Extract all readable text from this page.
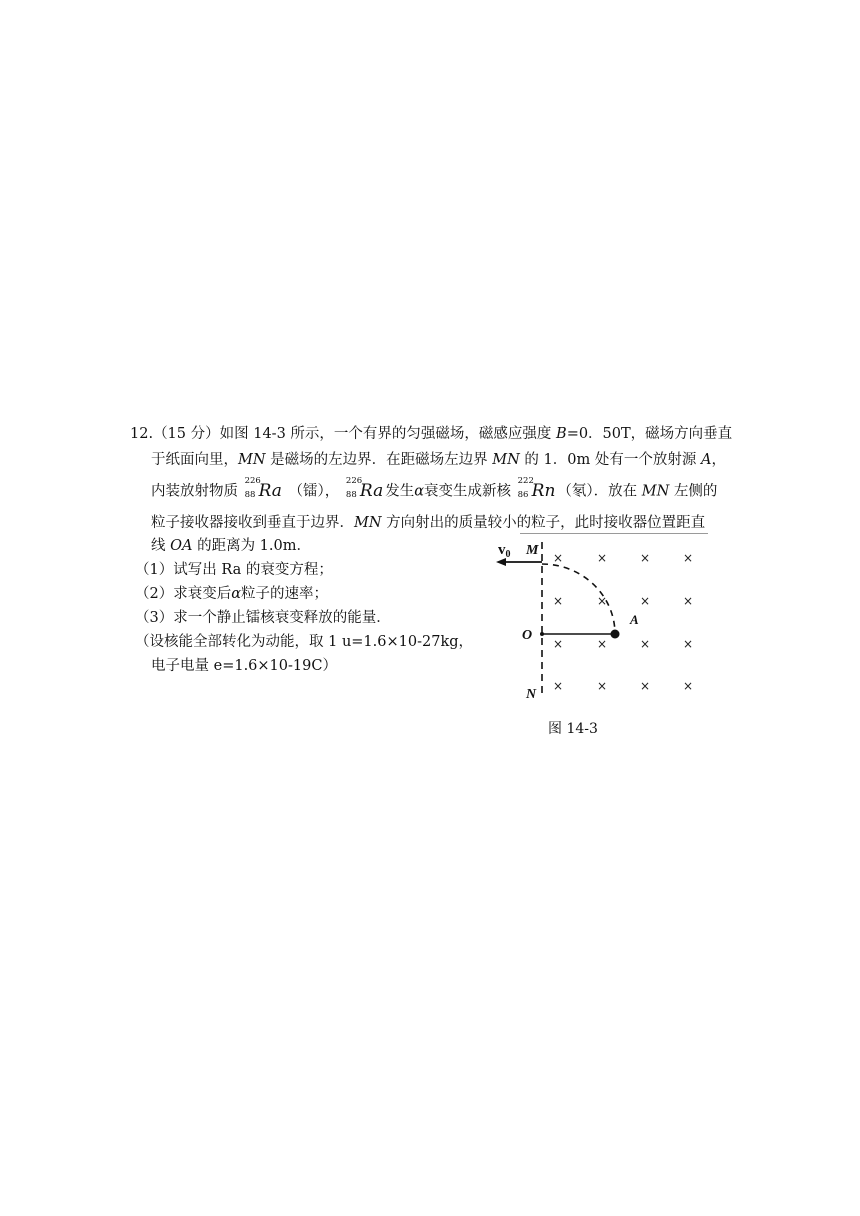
12.（15 分）如图 14-3 所示，一个有界的匀强磁场，磁感应强度 B=0．50T，磁场方向垂直
于纸面向里，MN 是磁场的左边界．在距磁场左边界 MN 的 1．0m 处有一个放射源 A，
内装放射物质
226
88 Ra （镭），
226
88 Ra 发生α衰变生成新核
222
86 Rn （氡）．放在 MN 左侧的
粒子接收器接收到垂直于边界．MN 方向射出的质量较小的粒子，此时接收器位置距直
线 OA 的距离为 1.0m．
（1）试写出 Ra 的衰变方程；
（2）求衰变后α粒子的速率；
（3）求一个静止镭核衰变释放的能量．
（设核能全部转化为动能，取 1 u=1.6×10-27kg，
电子电量 e=1.6×10-19C）
$v_0$ M
O
N
A
×	×	×	×
×	×	×	×
×	×	×	×
×	×	×	×
图 14-3
